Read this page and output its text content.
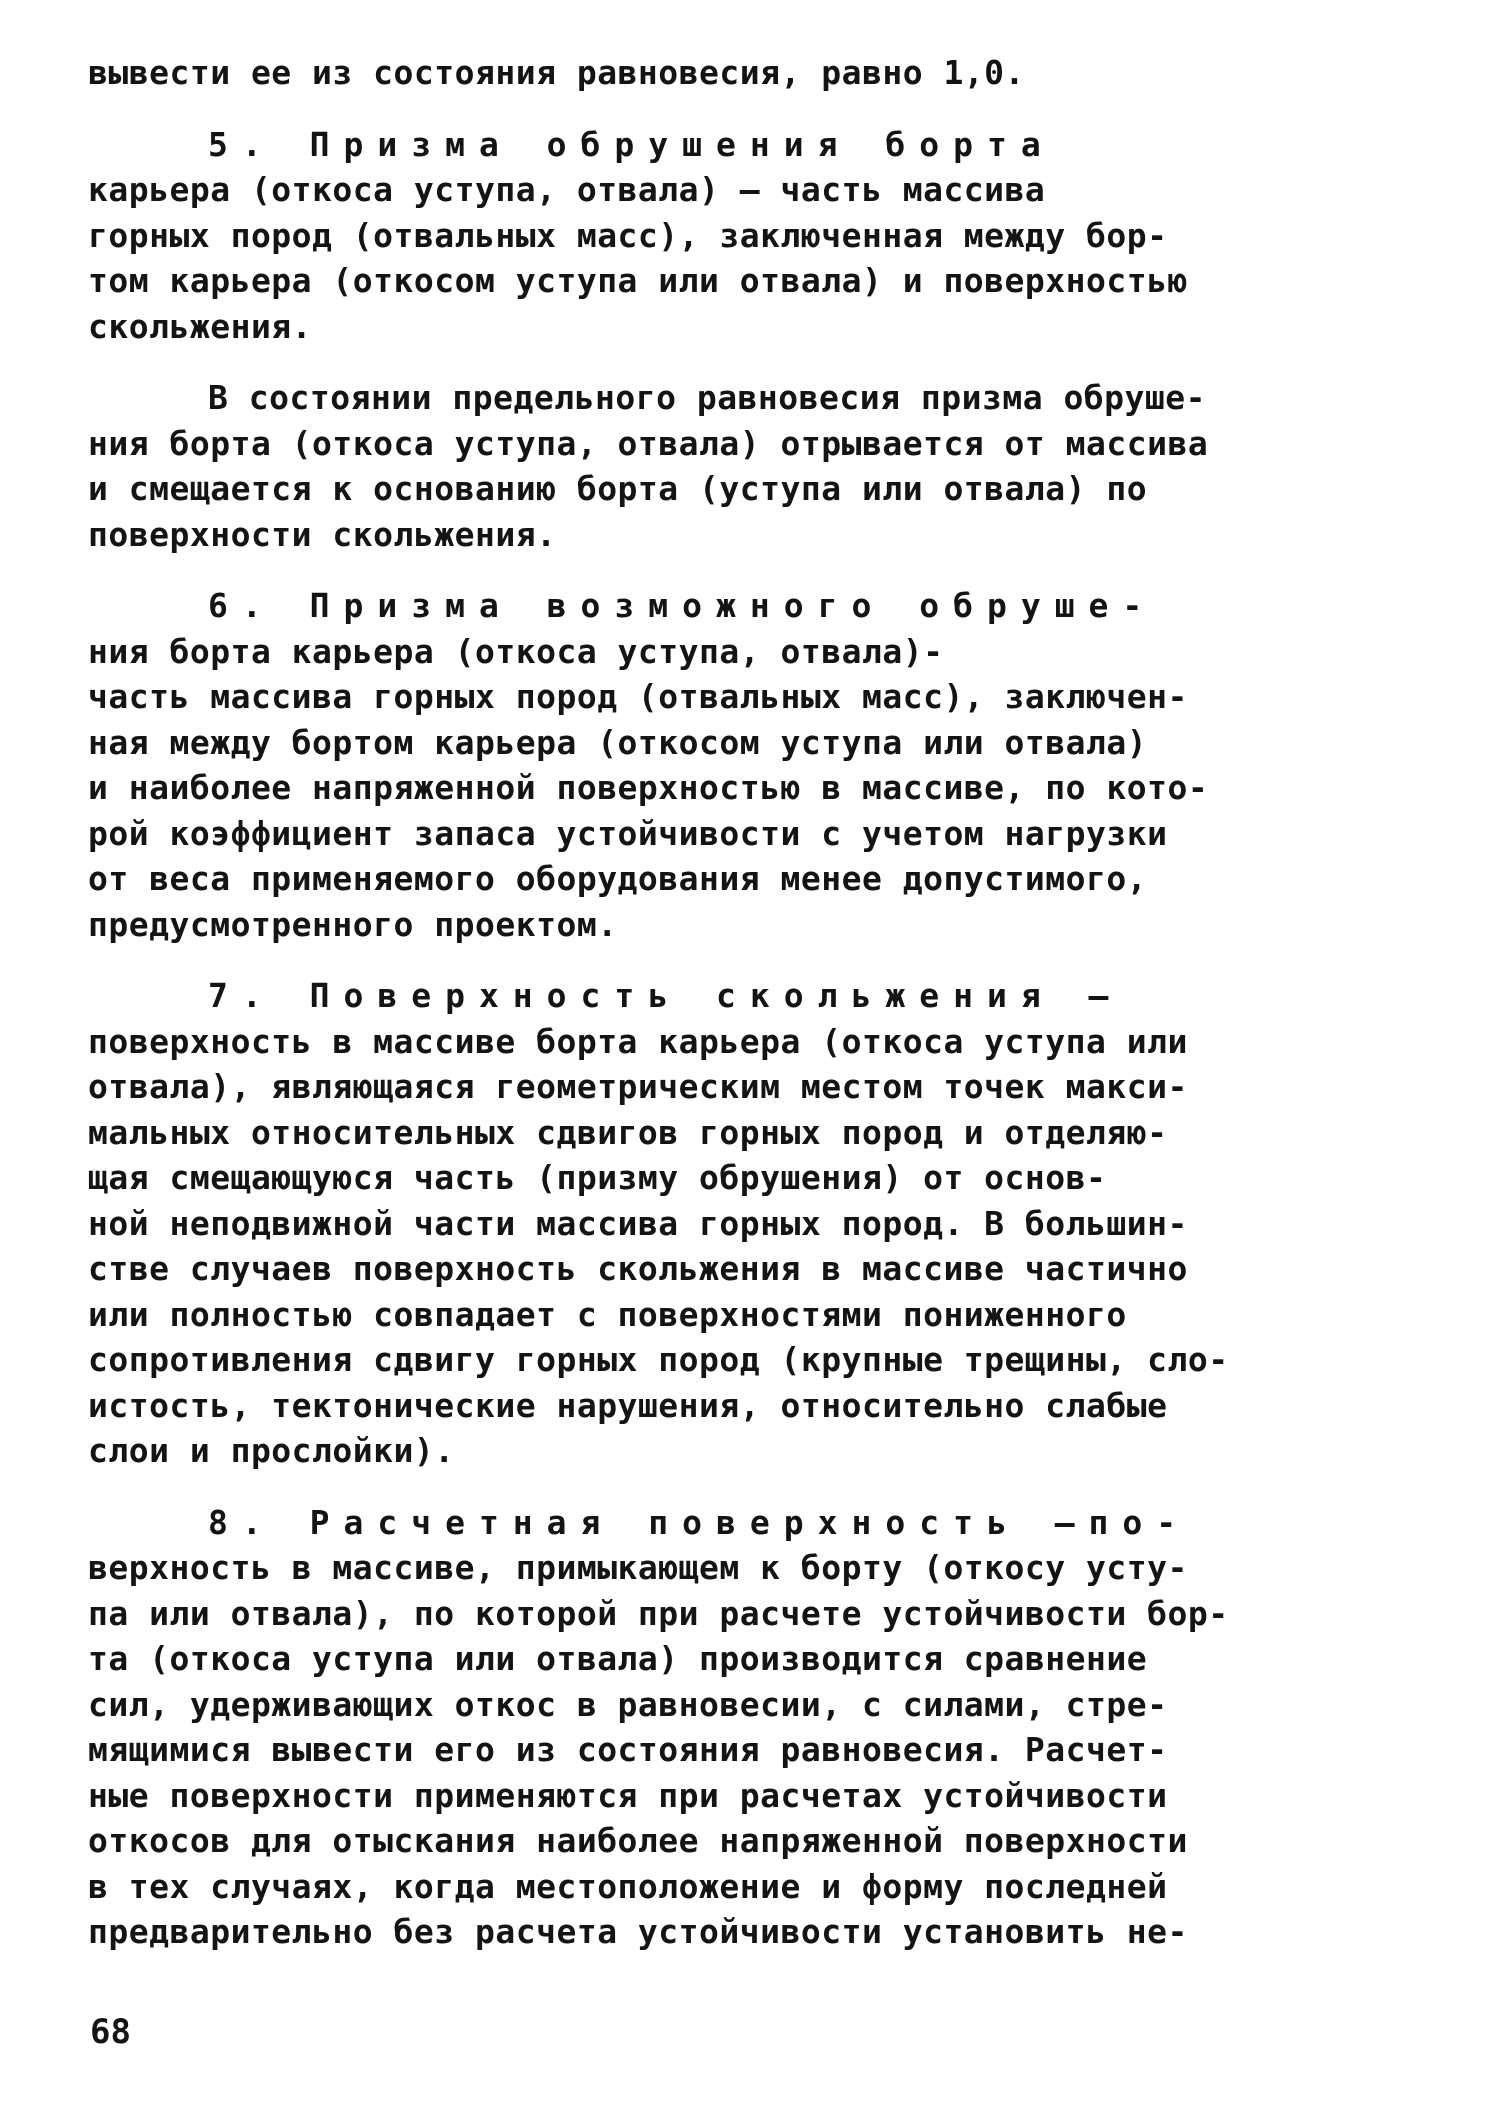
вывести ее из состояния равновесия, равно 1,0.
5. Призма обрушения борта
карьера (откоса уступа, отвала) – часть массива
горных пород (отвальных масс), заключенная между бор-
том карьера (откосом уступа или отвала) и поверхностью
скольжения.
В состоянии предельного равновесия призма обруше-
ния борта (откоса уступа, отвала) отрывается от массива
и смещается к основанию борта (уступа или отвала) по
поверхности скольжения.
6. Призма возможного обруше-
ния борта карьера (откоса уступа, отвала)-
часть массива горных пород (отвальных масс), заключен-
ная между бортом карьера (откосом уступа или отвала)
и наиболее напряженной поверхностью в массиве, по кото-
рой коэффициент запаса устойчивости с учетом нагрузки
от веса применяемого оборудования менее допустимого,
предусмотренного проектом.
7. Поверхность скольжения –
поверхность в массиве борта карьера (откоса уступа или
отвала), являющаяся геометрическим местом точек макси-
мальных относительных сдвигов горных пород и отделяю-
щая смещающуюся часть (призму обрушения) от основ-
ной неподвижной части массива горных пород. В большин-
стве случаев поверхность скольжения в массиве частично
или полностью совпадает с поверхностями пониженного
сопротивления сдвигу горных пород (крупные трещины, сло-
истость, тектонические нарушения, относительно слабые
слои и прослойки).
8. Расчетная поверхность –по-
верхность в массиве, примыкающем к борту (откосу усту-
па или отвала), по которой при расчете устойчивости бор-
та (откоса уступа или отвала) производится сравнение
сил, удерживающих откос в равновесии, с силами, стре-
мящимися вывести его из состояния равновесия. Расчет-
ные поверхности применяются при расчетах устойчивости
откосов для отыскания наиболее напряженной поверхности
в тех случаях, когда местоположение и форму последней
предварительно без расчета устойчивости установить не-
68
